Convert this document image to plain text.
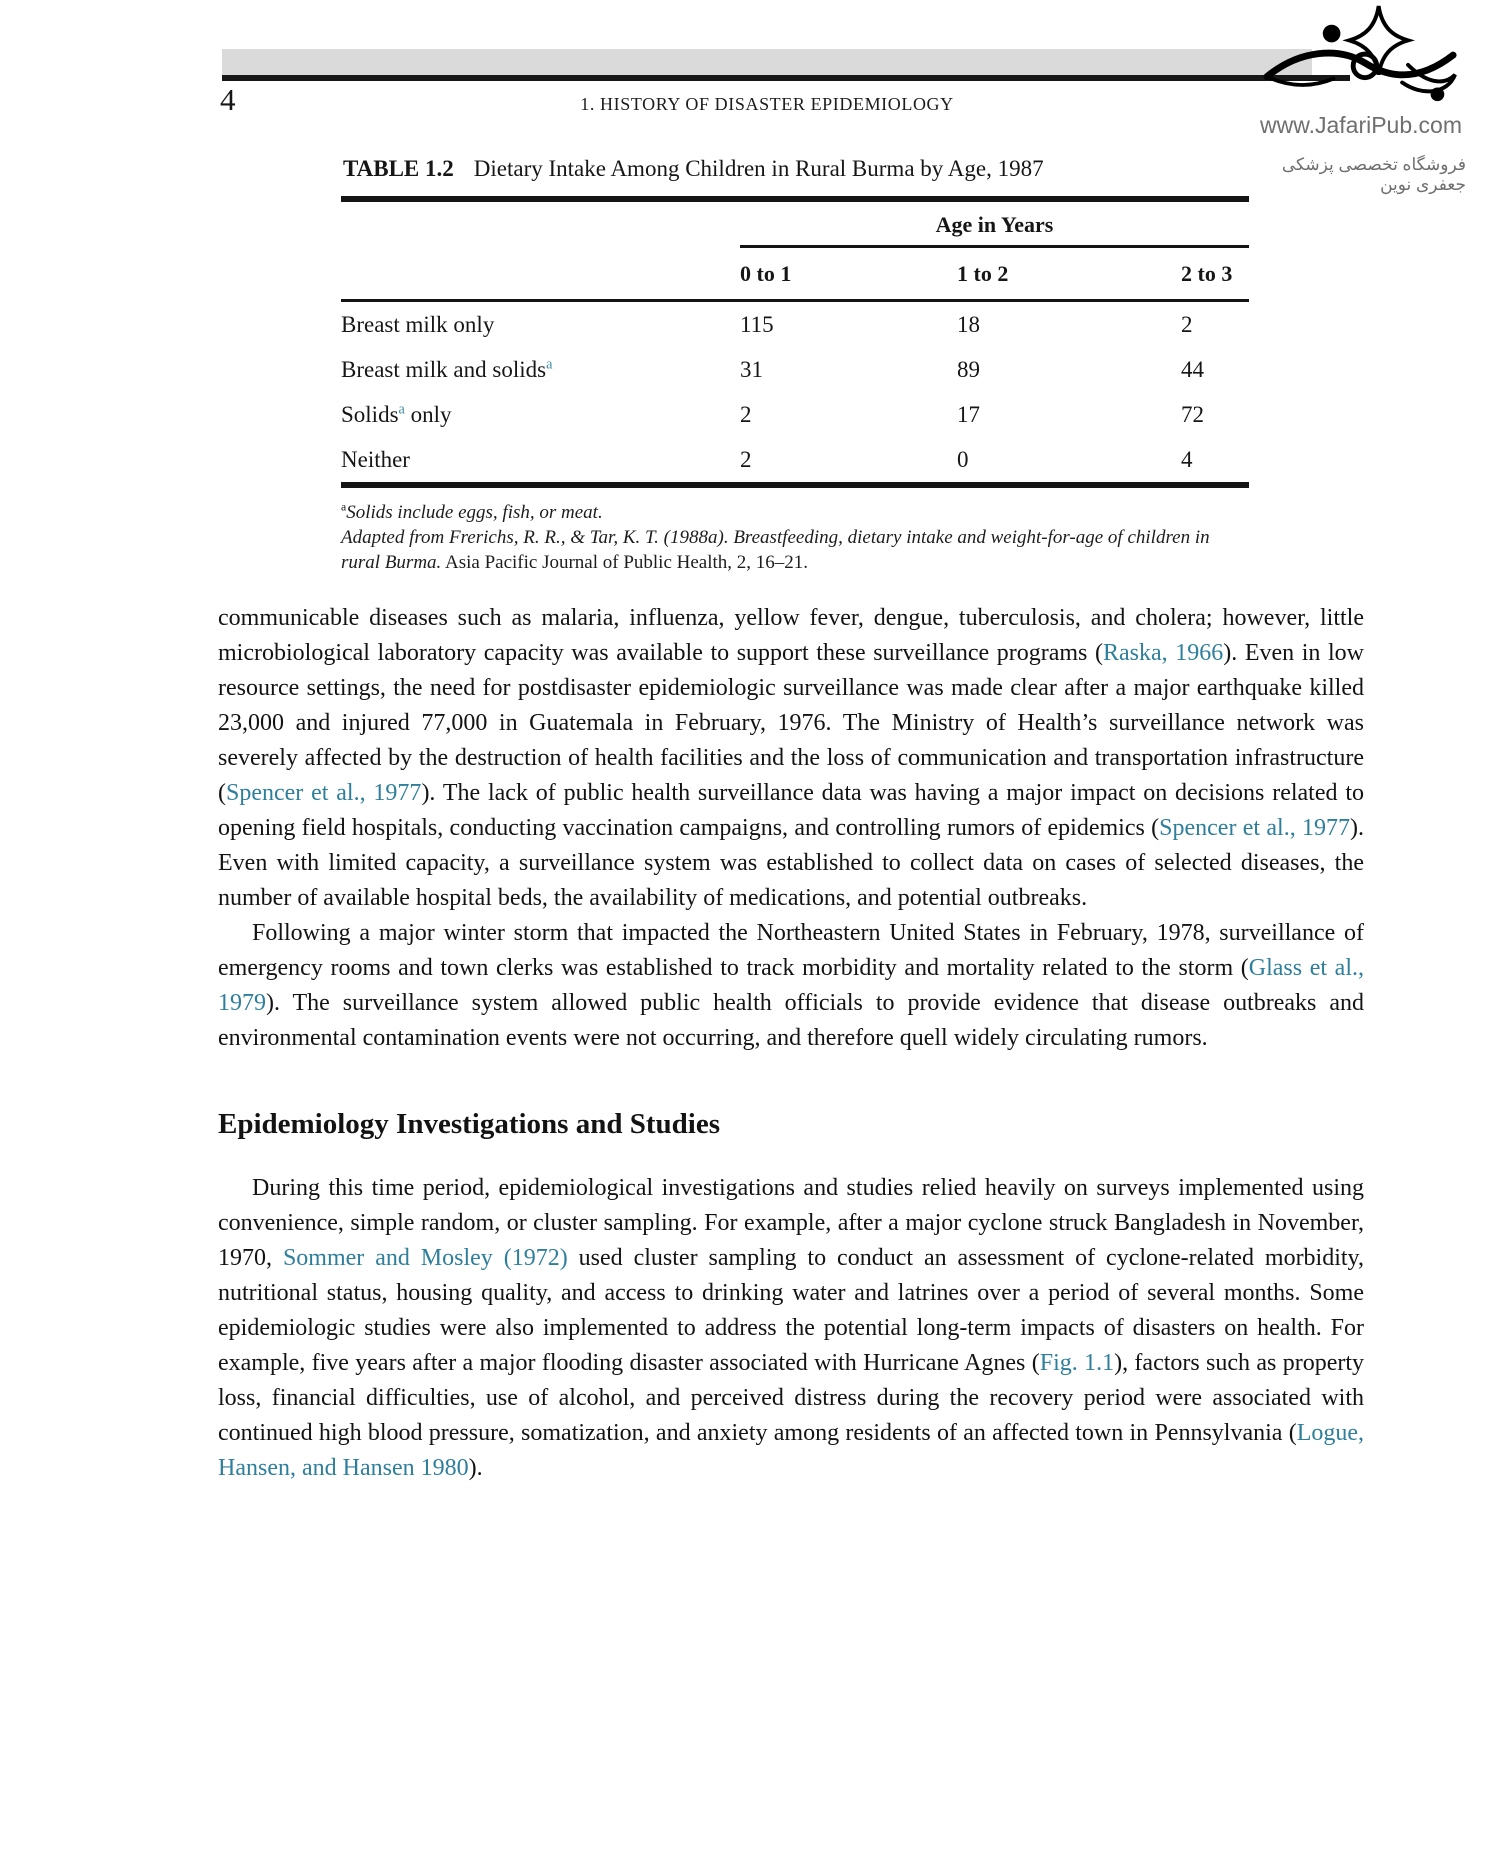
4	1. HISTORY OF DISASTER EPIDEMIOLOGY
www.JafariPub.com
فروشگاه تخصصی پزشکی جعفری نوین
TABLE 1.2 Dietary Intake Among Children in Rural Burma by Age, 1987
	Age in Years		
	0 to 1	1 to 2	2 to 3
Breast milk only	115	18	2
Breast milk and solids$^a$	31	89	44
Solids$^a$ only	2	17	72
Neither	2	0	4
$^a$Solids include eggs, fish, or meat.
Adapted from Frerichs, R. R., & Tar, K. T. (1988a). Breastfeeding, dietary intake and weight-for-age of children in rural Burma. Asia Pacific Journal of Public Health, 2, 16–21.

communicable diseases such as malaria, influenza, yellow fever, dengue, tuberculosis, and cholera; however, little microbiological laboratory capacity was available to support these surveillance programs (Raska, 1966). Even in low resource settings, the need for postdisaster epidemiologic surveillance was made clear after a major earthquake killed 23,000 and injured 77,000 in Guatemala in February, 1976. The Ministry of Health’s surveillance network was severely affected by the destruction of health facilities and the loss of communication and transportation infrastructure (Spencer et al., 1977). The lack of public health surveillance data was having a major impact on decisions related to opening field hospitals, conducting vaccination campaigns, and controlling rumors of epidemics (Spencer et al., 1977). Even with limited capacity, a surveillance system was established to collect data on cases of selected diseases, the number of available hospital beds, the availability of medications, and potential outbreaks.

Following a major winter storm that impacted the Northeastern United States in February, 1978, surveillance of emergency rooms and town clerks was established to track morbidity and mortality related to the storm (Glass et al., 1979). The surveillance system allowed public health officials to provide evidence that disease outbreaks and environmental contamination events were not occurring, and therefore quell widely circulating rumors.

Epidemiology Investigations and Studies

During this time period, epidemiological investigations and studies relied heavily on surveys implemented using convenience, simple random, or cluster sampling. For example, after a major cyclone struck Bangladesh in November, 1970, Sommer and Mosley (1972) used cluster sampling to conduct an assessment of cyclone-related morbidity, nutritional status, housing quality, and access to drinking water and latrines over a period of several months. Some epidemiologic studies were also implemented to address the potential long-term impacts of disasters on health. For example, five years after a major flooding disaster associated with Hurricane Agnes (Fig. 1.1), factors such as property loss, financial difficulties, use of alcohol, and perceived distress during the recovery period were associated with continued high blood pressure, somatization, and anxiety among residents of an affected town in Pennsylvania (Logue, Hansen, and Hansen 1980).
